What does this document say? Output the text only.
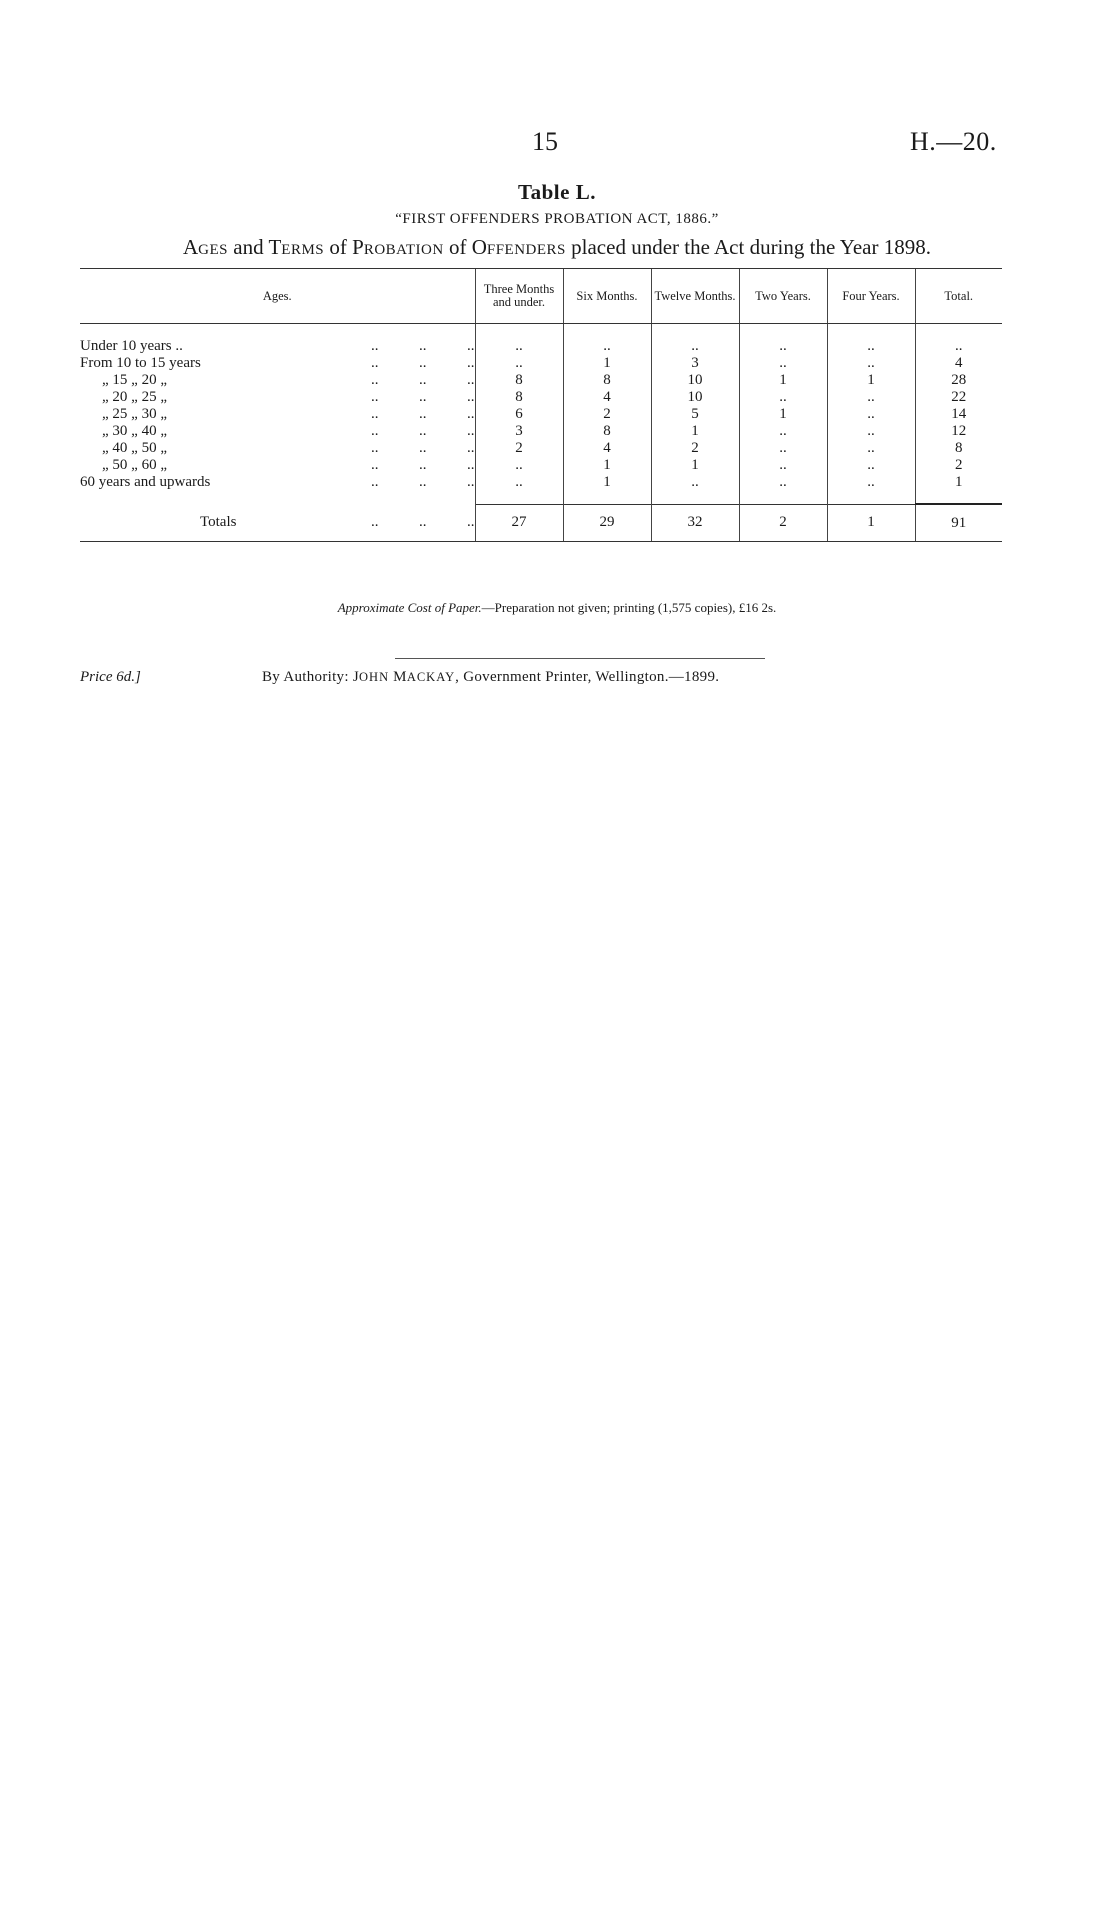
15	H.—20.
Table L.
“FIRST OFFENDERS PROBATION ACT, 1886.”
AGES and TERMS of PROBATION of OFFENDERS placed under the Act during the Year 1898.
Ages.	Three Months and under.	Six Months.	Twelve Months.	Two Years.	Four Years.	Total.

Under 10 years .. .. .. ..	..	..	..	..	..	..
From 10 to 15 years .. .. ..	..	1	3	..	..	4
„ 15 „ 20 „ .. .. ..	8	8	10	1	1	28
„ 20 „ 25 „ .. .. ..	8	4	10	..	..	22
„ 25 „ 30 „ .. .. ..	6	2	5	1	..	14
„ 30 „ 40 „ .. .. ..	3	8	1	..	..	12
„ 40 „ 50 „ .. .. ..	2	4	2	..	..	8
„ 50 „ 60 „ .. .. ..	..	1	1	..	..	2
60 years and upwards .. .. ..	..	1	..	..	..	1

Totals .. .. ..	27	29	32	2	1	91

Approximate Cost of Paper.—Preparation not given; printing (1,575 copies), £16 2s.
Price 6d.]	By Authority: JOHN MACKAY, Government Printer, Wellington.—1899.
